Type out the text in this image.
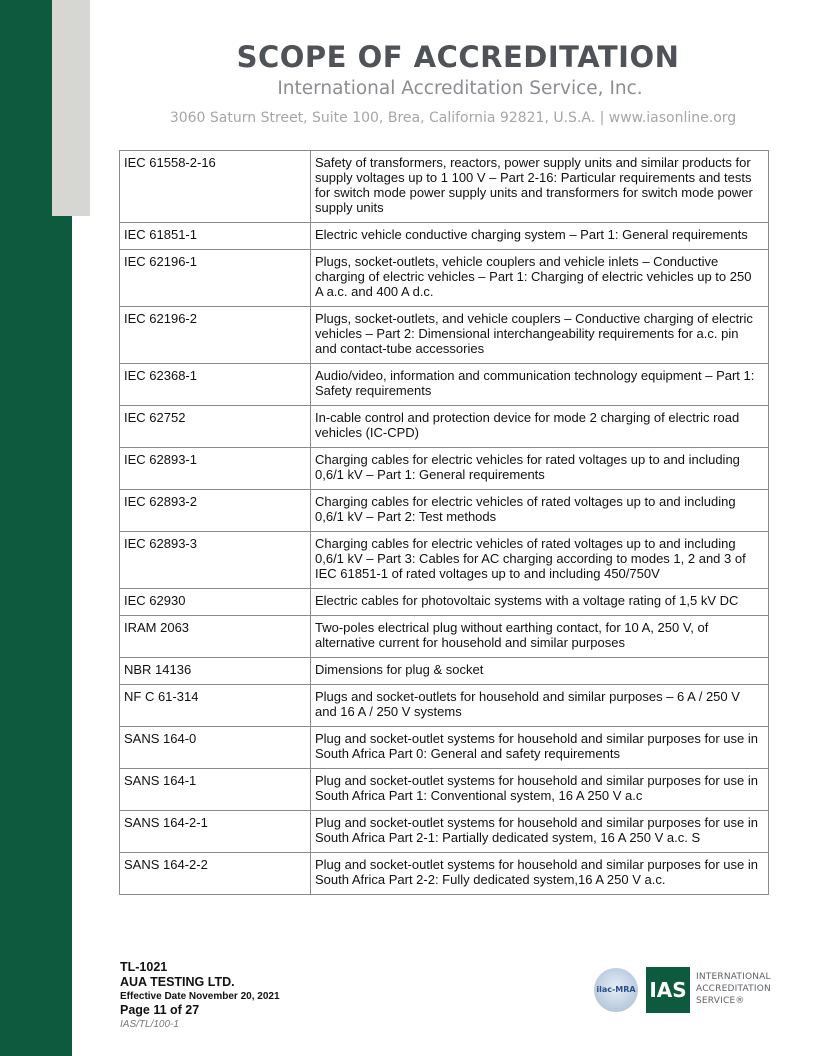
SCOPE OF ACCREDITATION
International Accreditation Service, Inc.
3060 Saturn Street, Suite 100, Brea, California 92821, U.S.A. | www.iasonline.org
IEC 61558-2-16	Safety of transformers, reactors, power supply units and similar products for supply voltages up to 1 100 V – Part 2-16: Particular requirements and tests for switch mode power supply units and transformers for switch mode power supply units
IEC 61851-1	Electric vehicle conductive charging system – Part 1: General requirements
IEC 62196-1	Plugs, socket-outlets, vehicle couplers and vehicle inlets – Conductive charging of electric vehicles – Part 1: Charging of electric vehicles up to 250 A a.c. and 400 A d.c.
IEC 62196-2	Plugs, socket-outlets, and vehicle couplers – Conductive charging of electric vehicles – Part 2: Dimensional interchangeability requirements for a.c. pin and contact-tube accessories
IEC 62368-1	Audio/video, information and communication technology equipment – Part 1: Safety requirements
IEC 62752	In-cable control and protection device for mode 2 charging of electric road vehicles (IC-CPD)
IEC 62893-1	Charging cables for electric vehicles for rated voltages up to and including 0,6/1 kV – Part 1: General requirements
IEC 62893-2	Charging cables for electric vehicles of rated voltages up to and including 0,6/1 kV – Part 2: Test methods
IEC 62893-3	Charging cables for electric vehicles of rated voltages up to and including 0,6/1 kV – Part 3: Cables for AC charging according to modes 1, 2 and 3 of IEC 61851-1 of rated voltages up to and including 450/750V
IEC 62930	Electric cables for photovoltaic systems with a voltage rating of 1,5 kV DC
IRAM 2063	Two-poles electrical plug without earthing contact, for 10 A, 250 V, of alternative current for household and similar purposes
NBR 14136	Dimensions for plug & socket
NF C 61-314	Plugs and socket-outlets for household and similar purposes – 6 A / 250 V and 16 A / 250 V systems
SANS 164-0	Plug and socket-outlet systems for household and similar purposes for use in South Africa Part 0: General and safety requirements
SANS 164-1	Plug and socket-outlet systems for household and similar purposes for use in South Africa Part 1: Conventional system, 16 A 250 V a.c
SANS 164-2-1	Plug and socket-outlet systems for household and similar purposes for use in South Africa Part 2-1: Partially dedicated system, 16 A 250 V a.c. S
SANS 164-2-2	Plug and socket-outlet systems for household and similar purposes for use in South Africa Part 2-2: Fully dedicated system,16 A 250 V a.c.
TL-1021
AUA TESTING LTD.
Effective Date November 20, 2021
Page 11 of 27
IAS/TL/100-1
ilac-MRA IAS
INTERNATIONAL
ACCREDITATION
SERVICE®
